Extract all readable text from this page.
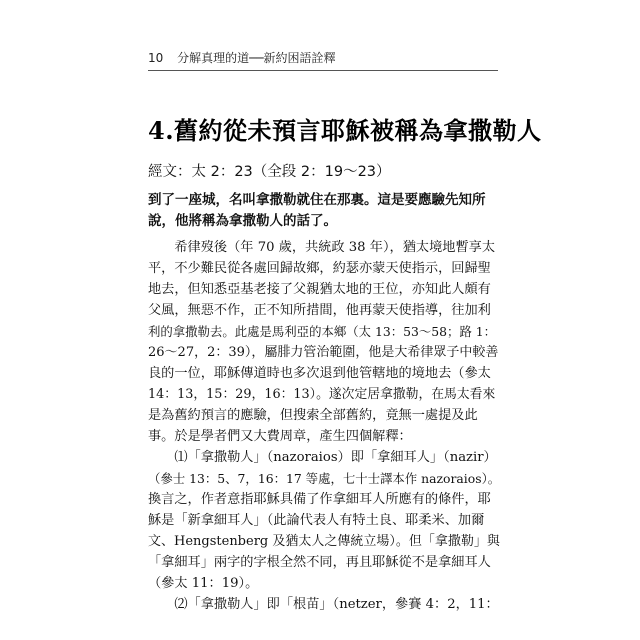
10 分解真理的道──新約困語詮釋
4.舊約從未預言耶穌被稱為拿撒勒人
經文：太 2：23（全段 2：19～23）
到了一座城，名叫拿撒勒就住在那裏。這是要應驗先知所
說，他將稱為拿撒勒人的話了。
　　希律歿後（年 70 歲，共統政 38 年），猶太境地暫享太
平，不少難民從各處回歸故鄉，約瑟亦蒙天使指示，回歸聖
地去，但知悉亞基老接了父親猶太地的王位，亦知此人頗有
父風，無惡不作，正不知所措間，他再蒙天使指導，往加利
利的拿撒勒去。此處是馬利亞的本鄉（太 13：53～58；路 1：
26～27，2：39），屬腓力管治範圍，他是大希律眾子中較善
良的一位，耶穌傳道時也多次退到他管轄地的境地去（參太
14：13，15：29，16：13）。遂次定居拿撒勒，在馬太看來
是為舊約預言的應驗，但搜索全部舊約，竟無一處提及此
事。於是學者們又大費周章，產生四個解釋：
　　⑴「拿撒勒人」（nazoraios）即「拿細耳人」（nazir）
（參士 13：5、7，16：17 等處，七十士譯本作 nazoraios）。
換言之，作者意指耶穌具備了作拿細耳人所應有的條件，耶
穌是「新拿細耳人」（此論代表人有特土良、耶柔米、加爾
文、Hengstenberg 及猶太人之傳統立場）。但「拿撒勒」與
「拿細耳」兩字的字根全然不同，再且耶穌從不是拿細耳人
（參太 11：19）。
　　⑵「拿撒勒人」即「根苗」（netzer，參賽 4：2，11：
